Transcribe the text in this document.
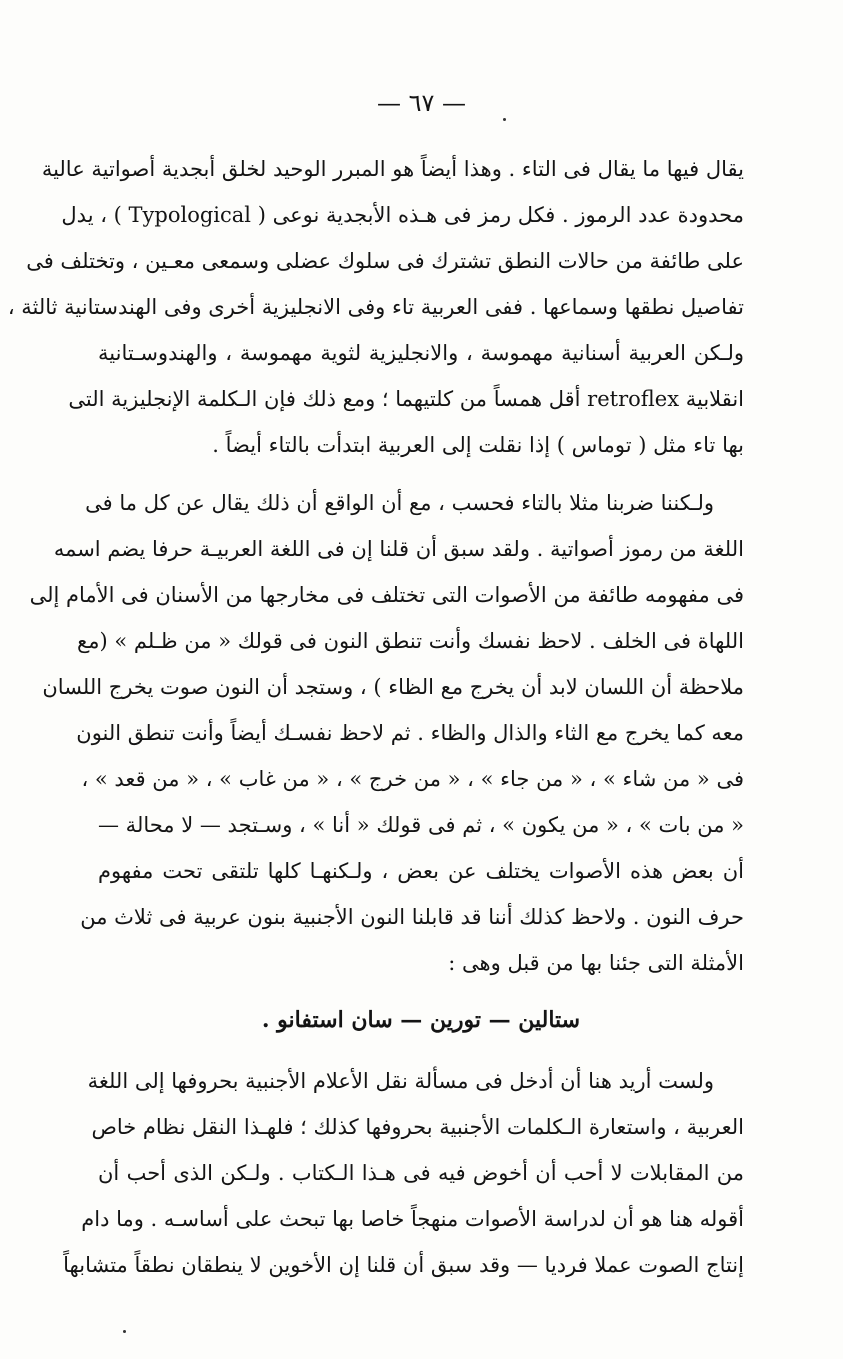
— ٦٧ —
يقال فيها ما يقال فى التاء . وهذا أيضاً هو المبرر الوحيد لخلق أبجدية أصواتية عالية
محدودة عدد الرموز . فكل رمز فى هـذه الأبجدية نوعى ( Typological ) ، يدل
على طائفة من حالات النطق تشترك فى سلوك عضلى وسمعى معـين ، وتختلف فى
تفاصيل نطقها وسماعها . ففى العربية تاء وفى الانجليزية أخرى وفى الهندستانية ثالثة ،
ولـكن العربية أسنانية مهموسة ، والانجليزية لثوية مهموسة ، والهندوسـتانية
انقلابية retroflex أقل همساً من كلتيهما ؛ ومع ذلك فإن الـكلمة الإنجليزية التى
بها تاء مثل ( توماس ) إذا نقلت إلى العربية ابتدأت بالتاء أيضاً .
ولـكننا ضربنا مثلا بالتاء فحسب ، مع أن الواقع أن ذلك يقال عن كل ما فى
اللغة من رموز أصواتية . ولقد سبق أن قلنا إن فى اللغة العربيـة حرفا يضم اسمه
فى مفهومه طائفة من الأصوات التى تختلف فى مخارجها من الأسنان فى الأمام إلى
اللهاة فى الخلف . لاحظ نفسك وأنت تنطق النون فى قولك « من ظـلم » (مع
ملاحظة أن اللسان لابد أن يخرج مع الظاء ) ، وستجد أن النون صوت يخرج اللسان
معه كما يخرج مع الثاء والذال والظاء . ثم لاحظ نفسـك أيضاً وأنت تنطق النون
فى « من شاء » ، « من جاء » ، « من خرج » ، « من غاب » ، « من قعد » ،
« من بات » ، « من يكون » ، ثم فى قولك « أنا » ، وسـتجد — لا محالة —
أن بعض هذه الأصوات يختلف عن بعض ، ولـكنهـا كلها تلتقى تحت مفهوم
حرف النون . ولاحظ كذلك أننا قد قابلنا النون الأجنبية بنون عربية فى ثلاث من
الأمثلة التى جئنا بها من قبل وهى :
ستالين — تورين — سان استفانو .
ولست أريد هنا أن أدخل فى مسألة نقل الأعلام الأجنبية بحروفها إلى اللغة
العربية ، واستعارة الـكلمات الأجنبية بحروفها كذلك ؛ فلهـذا النقل نظام خاص
من المقابلات لا أحب أن أخوض فيه فى هـذا الـكتاب . ولـكن الذى أحب أن
أقوله هنا هو أن لدراسة الأصوات منهجاً خاصا بها تبحث على أساسـه . وما دام
إنتاج الصوت عملا فرديا — وقد سبق أن قلنا إن الأخوين لا ينطقان نطقاً متشابهاً
